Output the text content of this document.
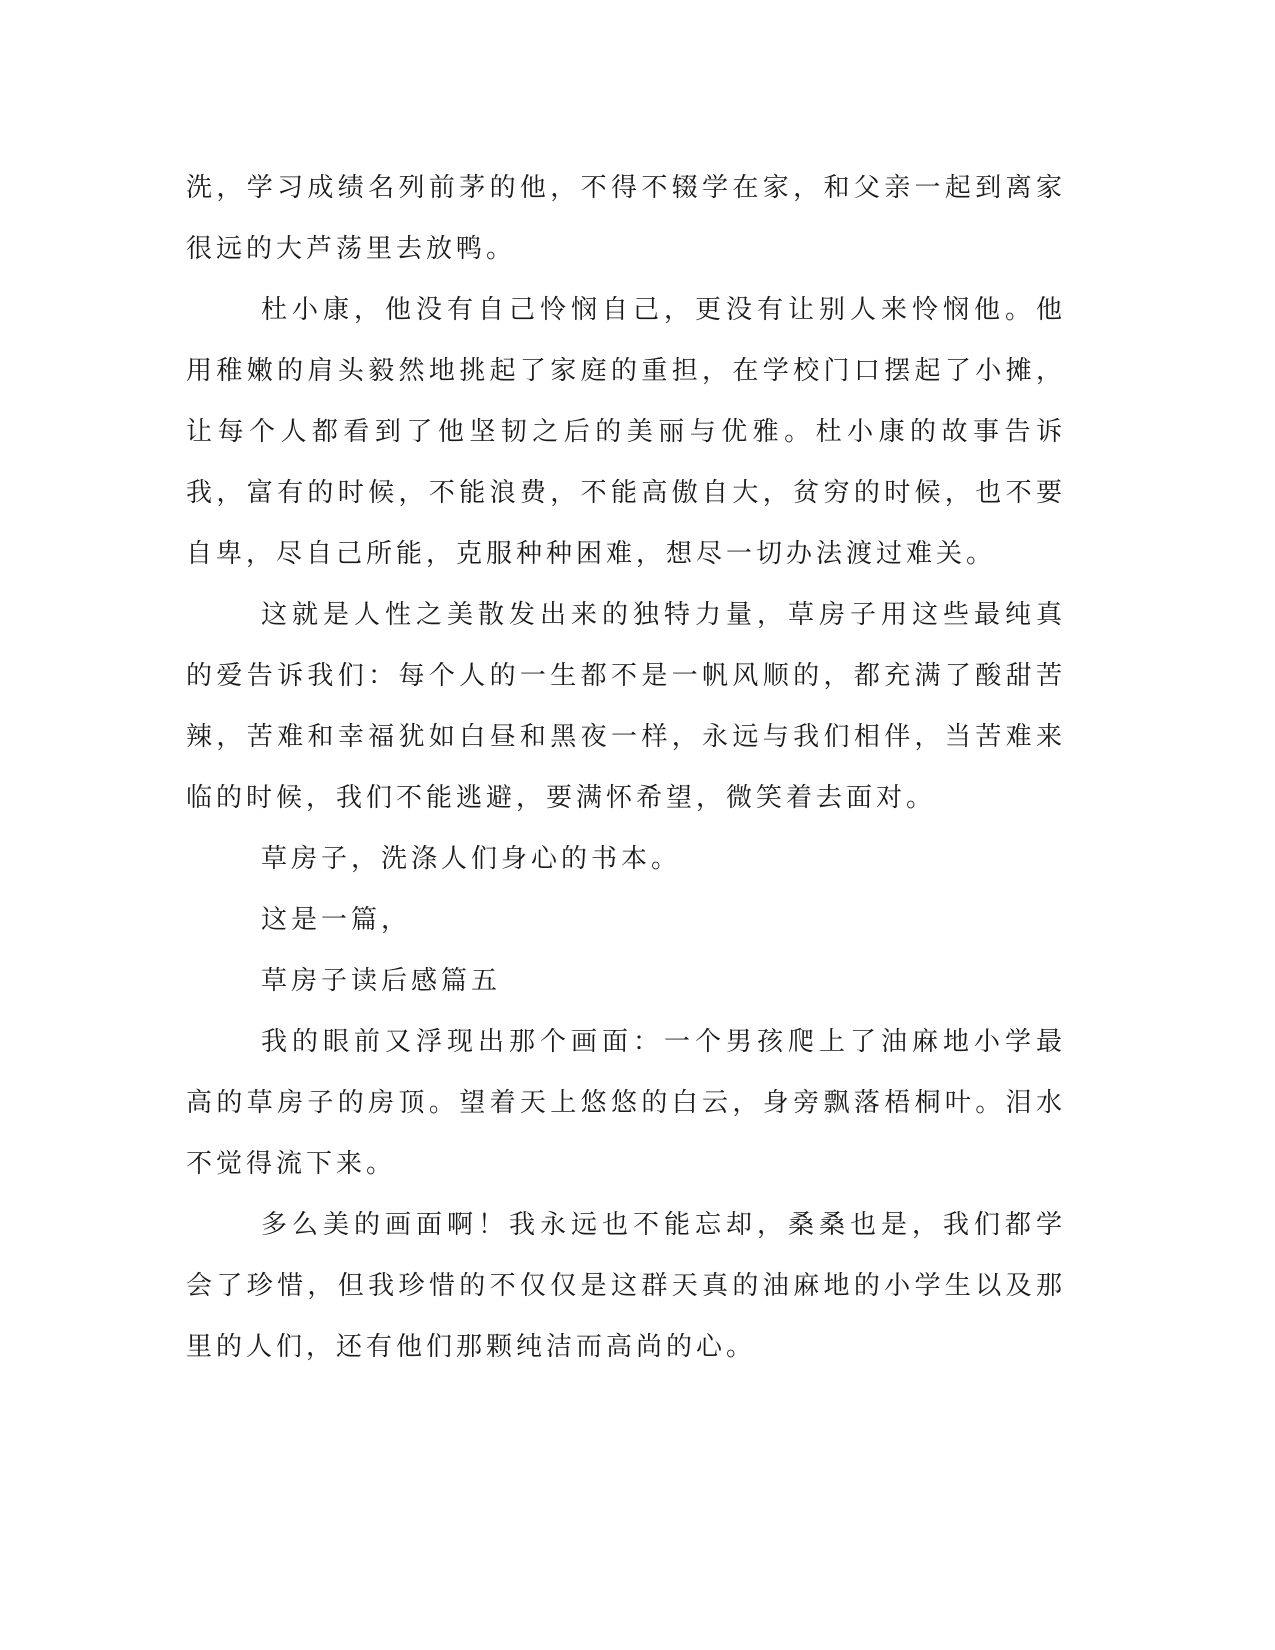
洗，学习成绩名列前茅的他，不得不辍学在家，和父亲一起到离家很远的大芦荡里去放鸭。

杜小康，他没有自己怜悯自己，更没有让别人来怜悯他。他用稚嫩的肩头毅然地挑起了家庭的重担，在学校门口摆起了小摊，让每个人都看到了他坚韧之后的美丽与优雅。杜小康的故事告诉我，富有的时候，不能浪费，不能高傲自大，贫穷的时候，也不要自卑，尽自己所能，克服种种困难，想尽一切办法渡过难关。

这就是人性之美散发出来的独特力量，草房子用这些最纯真的爱告诉我们：每个人的一生都不是一帆风顺的，都充满了酸甜苦辣，苦难和幸福犹如白昼和黑夜一样，永远与我们相伴，当苦难来临的时候，我们不能逃避，要满怀希望，微笑着去面对。

草房子，洗涤人们身心的书本。

这是一篇，

草房子读后感篇五

我的眼前又浮现出那个画面：一个男孩爬上了油麻地小学最高的草房子的房顶。望着天上悠悠的白云，身旁飘落梧桐叶。泪水不觉得流下来。

多么美的画面啊！我永远也不能忘却，桑桑也是，我们都学会了珍惜，但我珍惜的不仅仅是这群天真的油麻地的小学生以及那里的人们，还有他们那颗纯洁而高尚的心。
